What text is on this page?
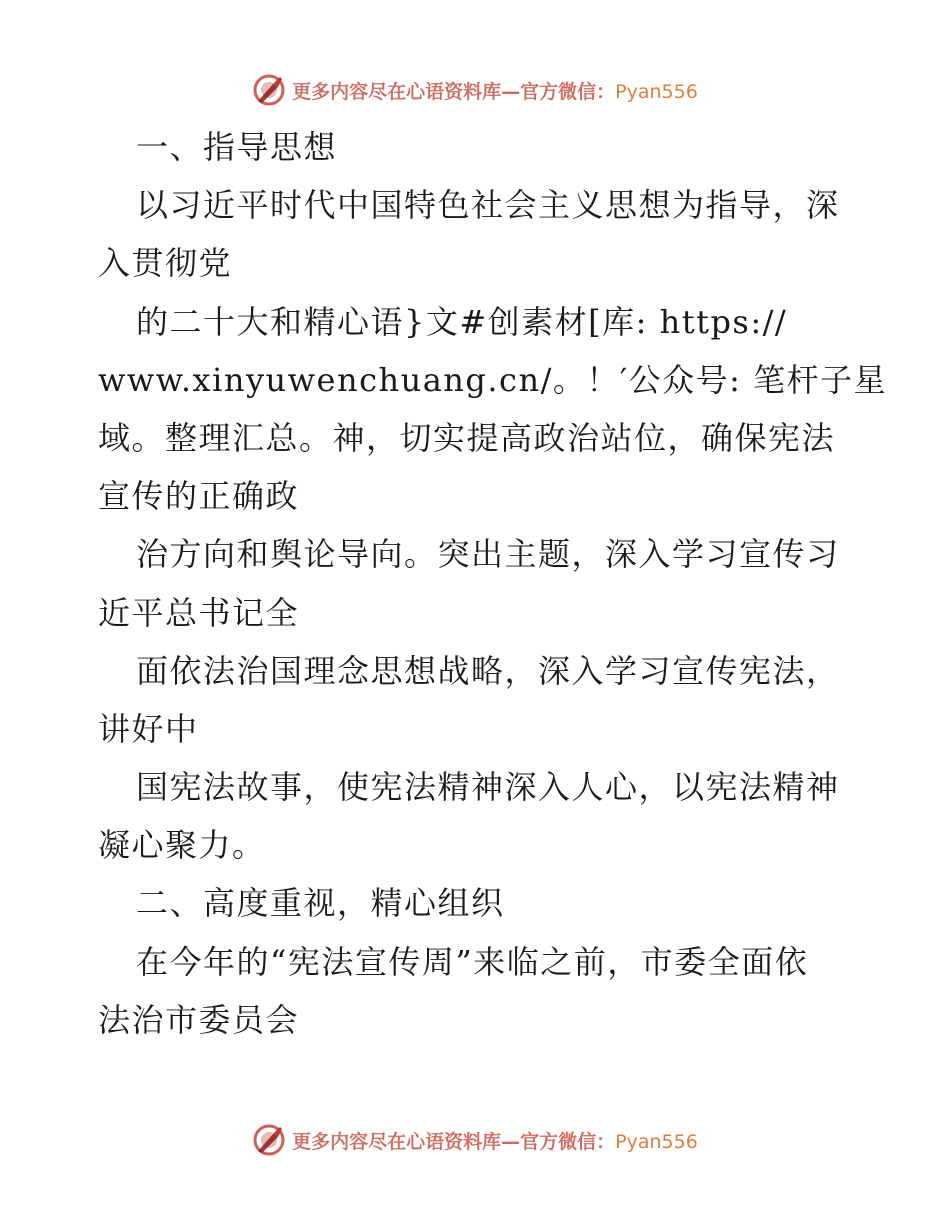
更多内容尽在心语资料库—官方微信：Pyan556
一、指导思想
以习近平时代中国特色社会主义思想为指导，深
入贯彻党
的二十大和精心语}文#创素材[库: https://
www.xinyuwenchuang.cn/。！′公众号: 笔杆子星
域。整理汇总。神，切实提高政治站位，确保宪法
宣传的正确政
治方向和舆论导向。突出主题，深入学习宣传习
近平总书记全
面依法治国理念思想战略，深入学习宣传宪法，
讲好中
国宪法故事，使宪法精神深入人心，以宪法精神
凝心聚力。
二、高度重视，精心组织
在今年的“宪法宣传周”来临之前，市委全面依
法治市委员会
更多内容尽在心语资料库—官方微信：Pyan556
